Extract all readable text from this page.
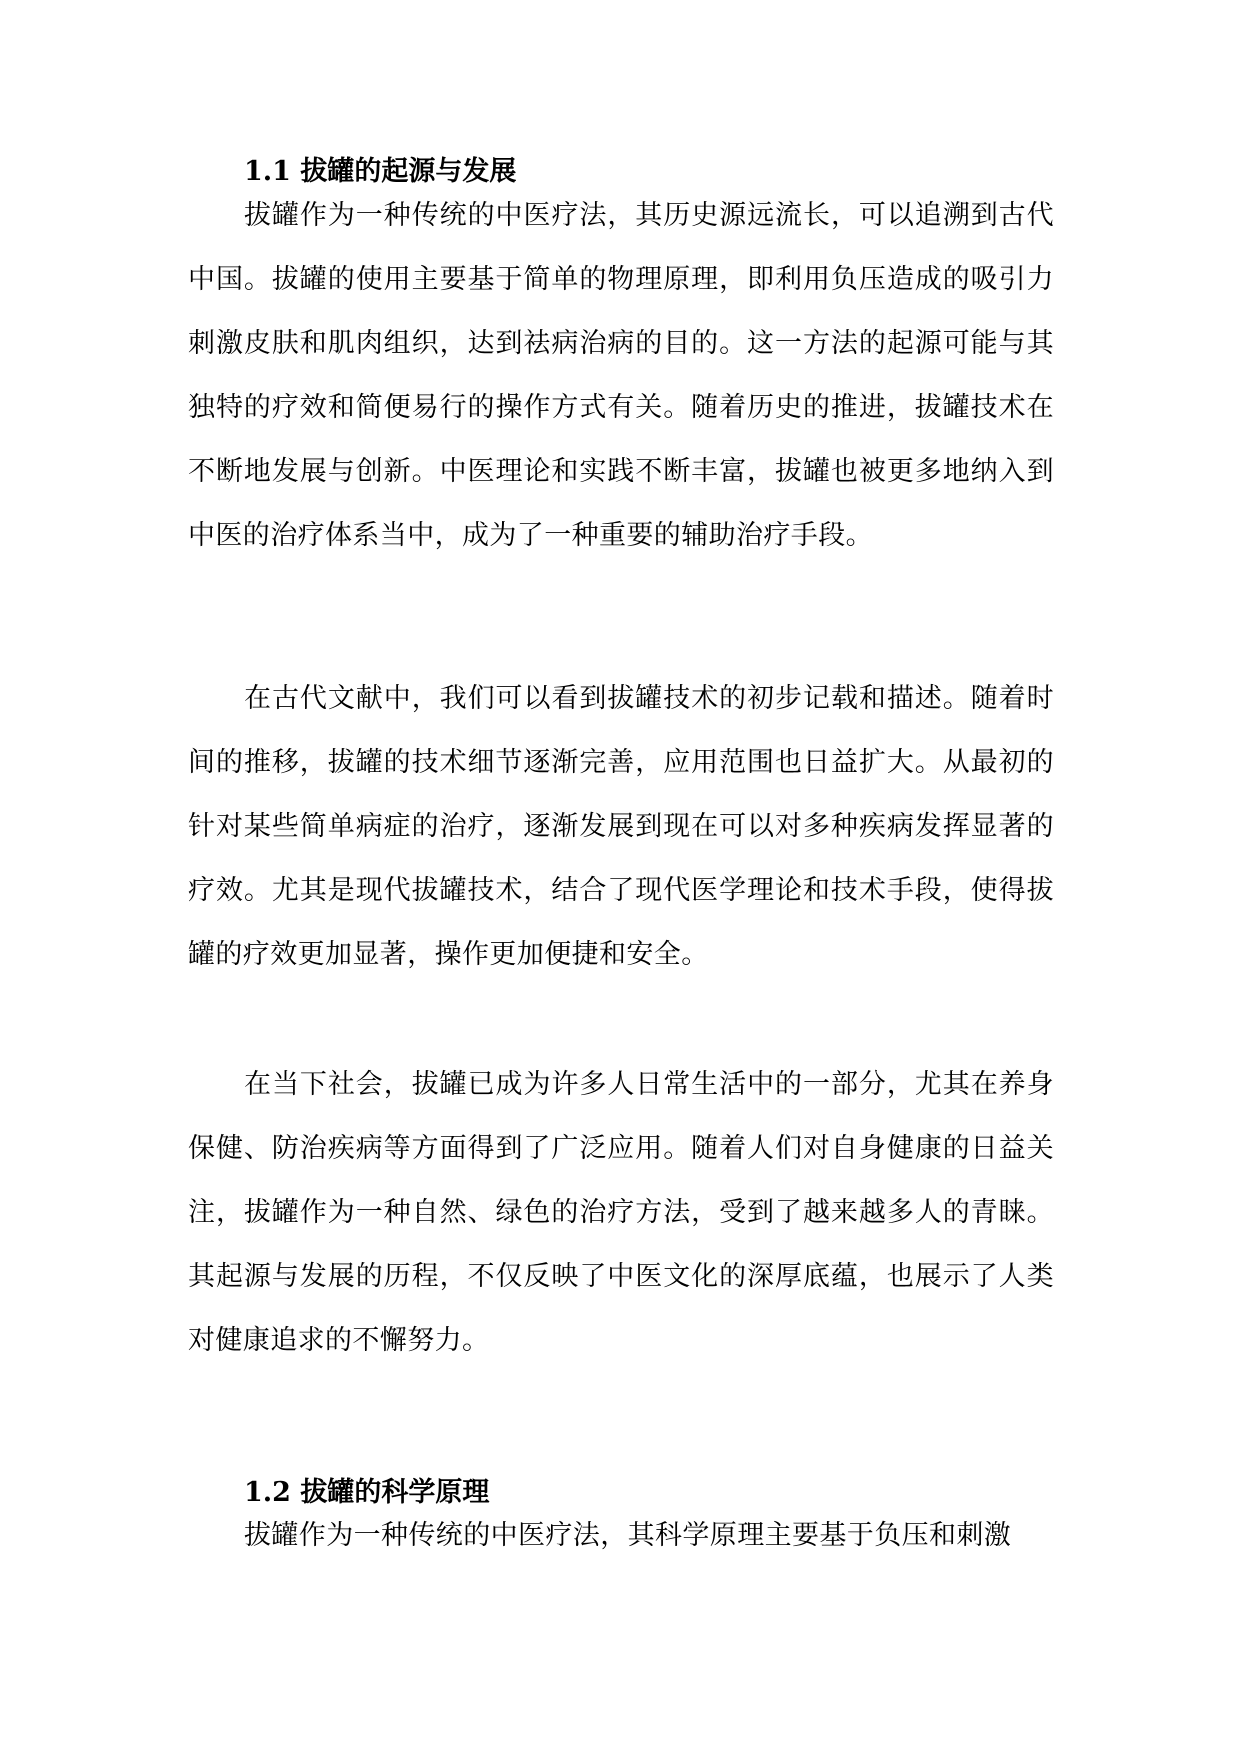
1.1 拔罐的起源与发展

拔罐作为一种传统的中医疗法，其历史源远流长，可以追溯到古代中国。拔罐的使用主要基于简单的物理原理，即利用负压造成的吸引力刺激皮肤和肌肉组织，达到祛病治病的目的。这一方法的起源可能与其独特的疗效和简便易行的操作方式有关。随着历史的推进，拔罐技术在不断地发展与创新。中医理论和实践不断丰富，拔罐也被更多地纳入到中医的治疗体系当中，成为了一种重要的辅助治疗手段。

在古代文献中，我们可以看到拔罐技术的初步记载和描述。随着时间的推移，拔罐的技术细节逐渐完善，应用范围也日益扩大。从最初的针对某些简单病症的治疗，逐渐发展到现在可以对多种疾病发挥显著的疗效。尤其是现代拔罐技术，结合了现代医学理论和技术手段，使得拔罐的疗效更加显著，操作更加便捷和安全。

在当下社会，拔罐已成为许多人日常生活中的一部分，尤其在养身保健、防治疾病等方面得到了广泛应用。随着人们对自身健康的日益关注，拔罐作为一种自然、绿色的治疗方法，受到了越来越多人的青睐。其起源与发展的历程，不仅反映了中医文化的深厚底蕴，也展示了人类对健康追求的不懈努力。

1.2 拔罐的科学原理

拔罐作为一种传统的中医疗法，其科学原理主要基于负压和刺激
